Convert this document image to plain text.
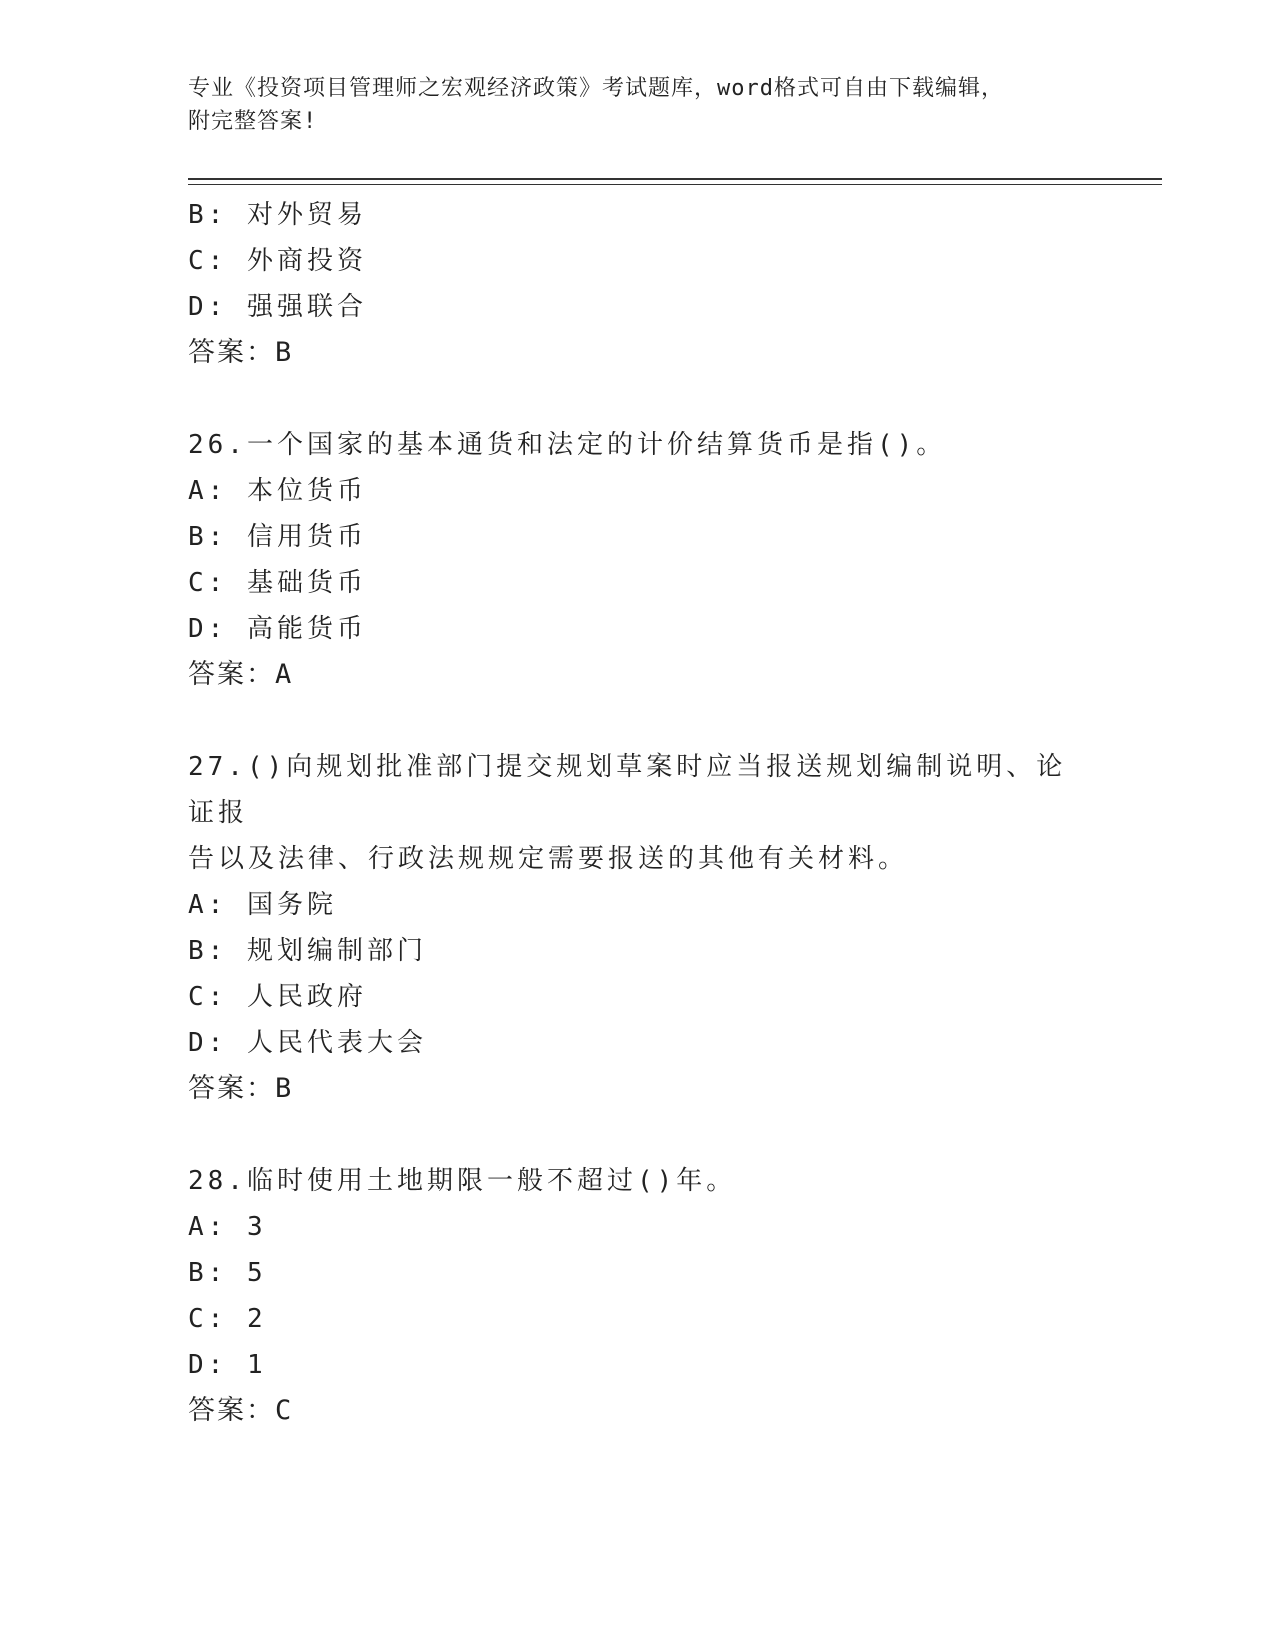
专业《投资项目管理师之宏观经济政策》考试题库，word格式可自由下载编辑，
附完整答案!
B: 对外贸易
C: 外商投资
D: 强强联合
答案：B
26.一个国家的基本通货和法定的计价结算货币是指()。
A: 本位货币
B: 信用货币
C: 基础货币
D: 高能货币
答案：A
27.()向规划批准部门提交规划草案时应当报送规划编制说明、论证报
告以及法律、行政法规规定需要报送的其他有关材料。
A: 国务院
B: 规划编制部门
C: 人民政府
D: 人民代表大会
答案：B
28.临时使用土地期限一般不超过()年。
A: 3
B: 5
C: 2
D: 1
答案：C
